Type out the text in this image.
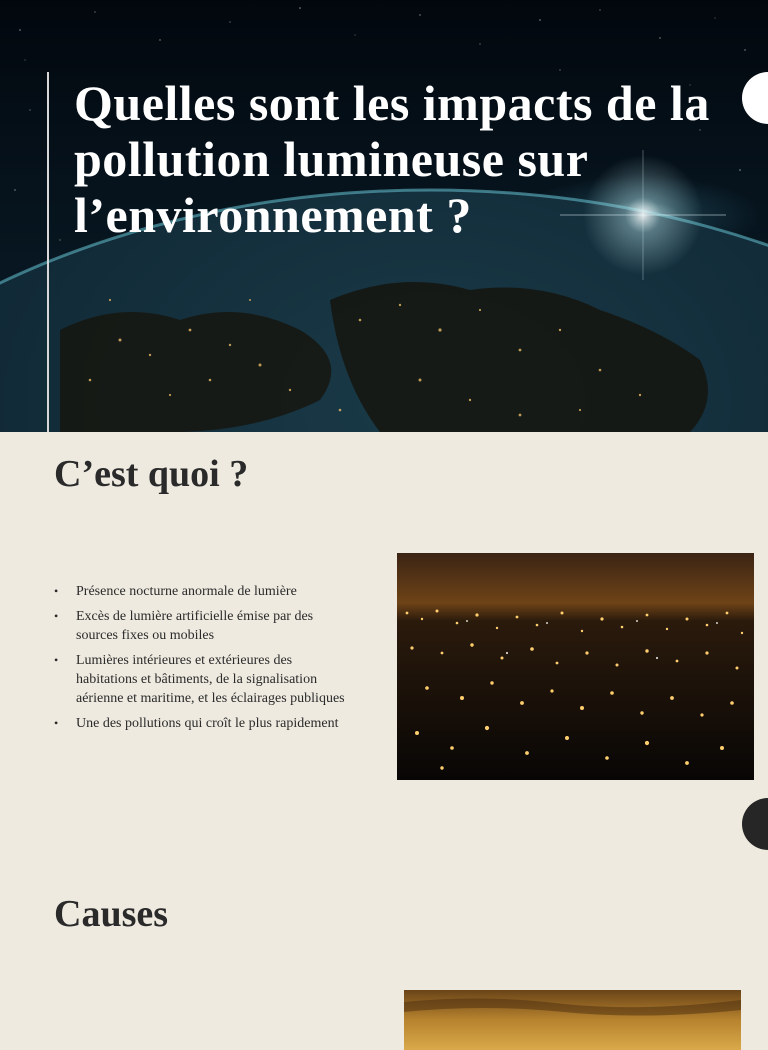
Quelles sont les impacts de la pollution lumineuse sur l’environnement ?
C’est quoi ?
• Présence nocturne anormale de lumière
• Excès de lumière artificielle émise par des sources fixes ou mobiles
• Lumières intérieures et extérieures des habitations et bâtiments, de la signalisation aérienne et maritime, et les éclairages publiques
• Une des pollutions qui croît le plus rapidement
Causes
